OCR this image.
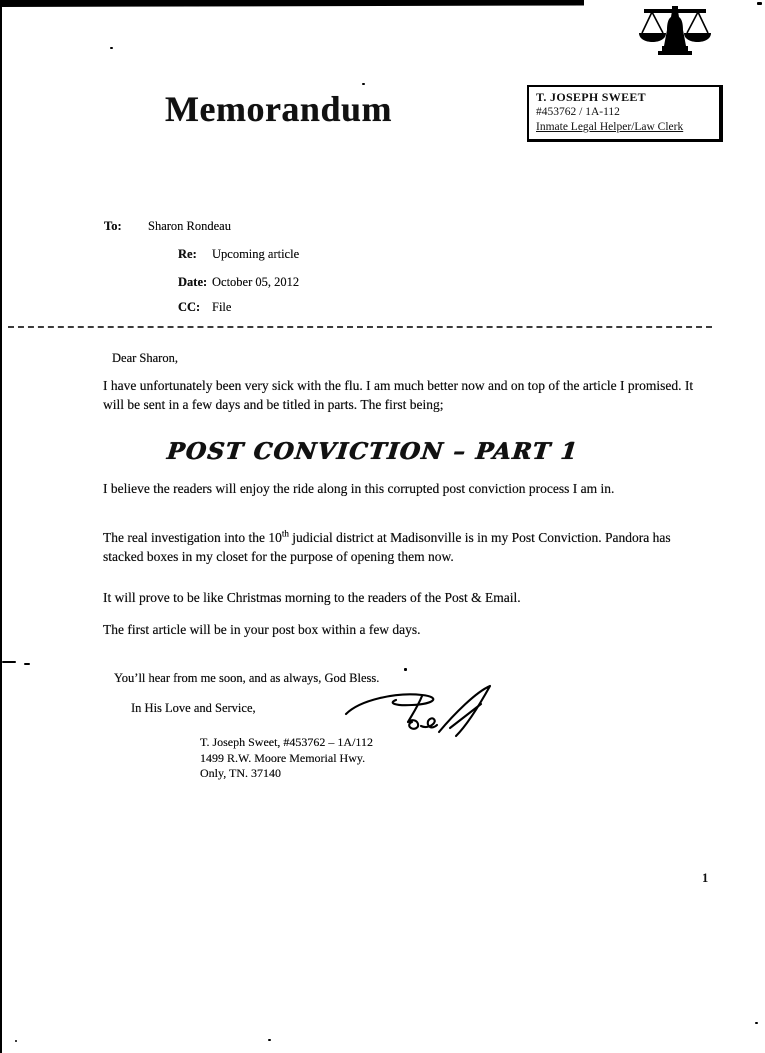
Memorandum	T. JOSEPH SWEET
#453762 / 1A-112
Inmate Legal Helper/Law Clerk
To: Sharon Rondeau
Re: Upcoming article
Date: October 05, 2012
CC: File
Dear Sharon,
I have unfortunately been very sick with the flu. I am much better now and on top of the article I promised. It will be sent in a few days and be titled in parts. The first being;
POST CONVICTION – PART 1
I believe the readers will enjoy the ride along in this corrupted post conviction process I am in.
The real investigation into the 10th judicial district at Madisonville is in my Post Conviction. Pandora has stacked boxes in my closet for the purpose of opening them now.
It will prove to be like Christmas morning to the readers of the Post & Email.
The first article will be in your post box within a few days.
You’ll hear from me soon, and as always, God Bless.
In His Love and Service,
T. Joseph Sweet, #453762 – 1A/112
1499 R.W. Moore Memorial Hwy.
Only, TN. 37140
1
